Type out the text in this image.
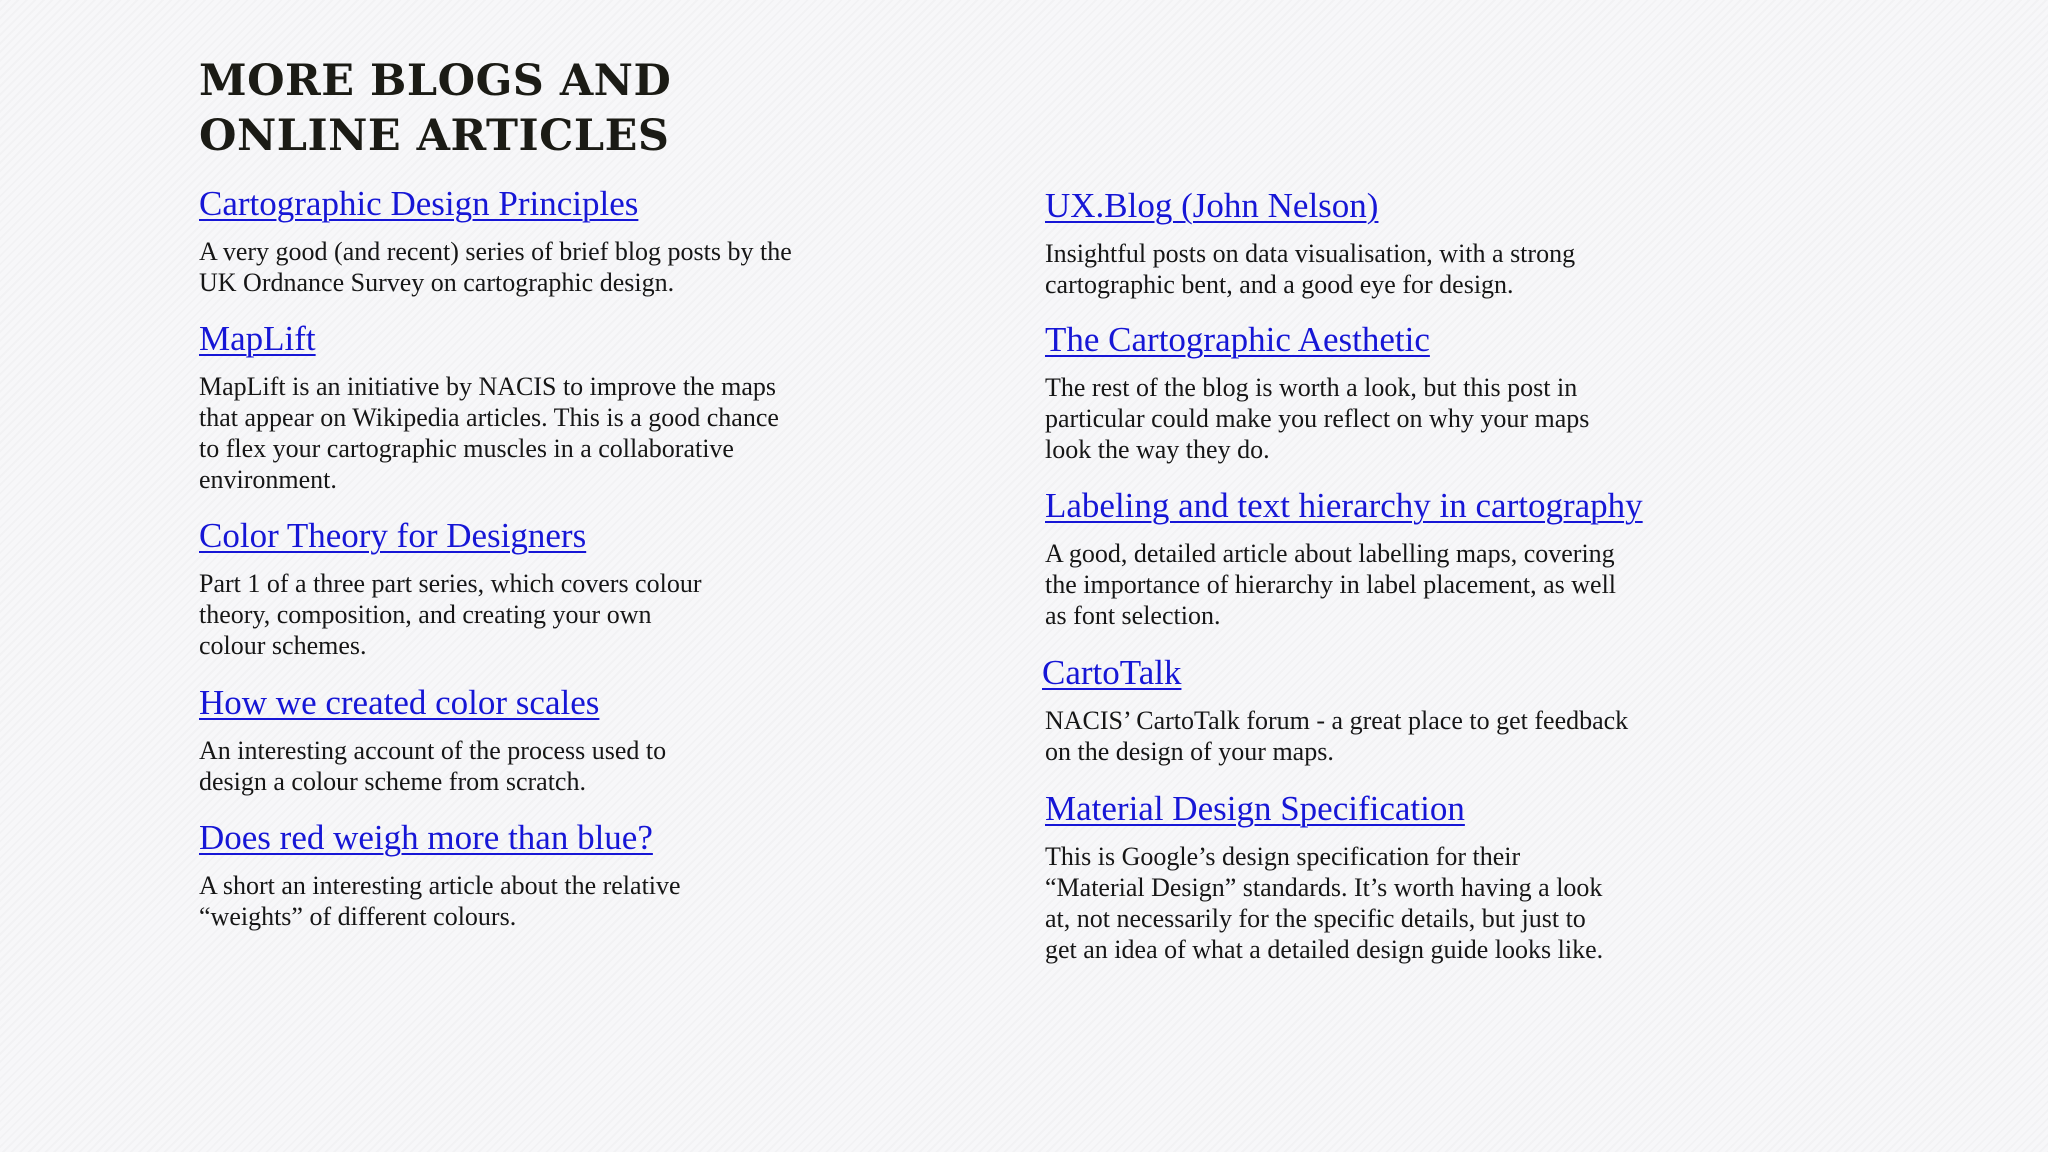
MORE BLOGS AND
ONLINE ARTICLES
Cartographic Design Principles

A very good (and recent) series of brief blog posts by the
UK Ordnance Survey on cartographic design.

MapLift

MapLift is an initiative by NACIS to improve the maps
that appear on Wikipedia articles. This is a good chance
to flex your cartographic muscles in a collaborative
environment.

Color Theory for Designers

Part 1 of a three part series, which covers colour
theory, composition, and creating your own
colour schemes.

How we created color scales

An interesting account of the process used to
design a colour scheme from scratch.

Does red weigh more than blue?

A short an interesting article about the relative
“weights” of different colours.

UX.Blog (John Nelson)

Insightful posts on data visualisation, with a strong
cartographic bent, and a good eye for design.

The Cartographic Aesthetic

The rest of the blog is worth a look, but this post in
particular could make you reflect on why your maps
look the way they do.

Labeling and text hierarchy in cartography

A good, detailed article about labelling maps, covering
the importance of hierarchy in label placement, as well
as font selection.

CartoTalk

NACIS’ CartoTalk forum - a great place to get feedback
on the design of your maps.

Material Design Specification

This is Google’s design specification for their
“Material Design” standards. It’s worth having a look
at, not necessarily for the specific details, but just to
get an idea of what a detailed design guide looks like.
